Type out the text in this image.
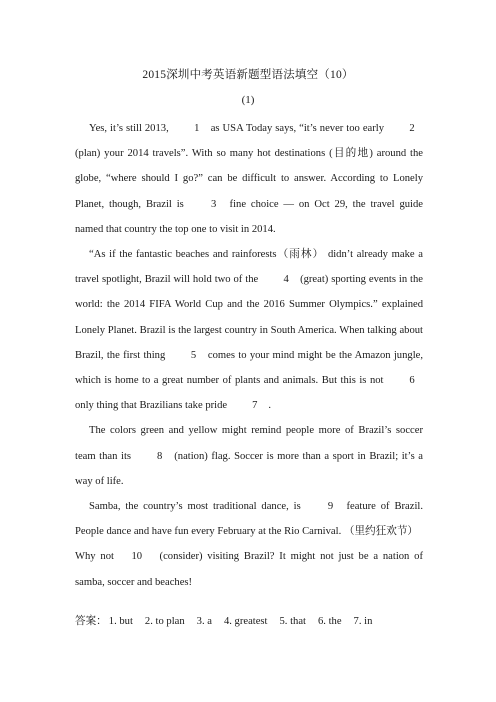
2015深圳中考英语新题型语法填空（10）
(1)

Yes, it’s still 2013, 1 as USA Today says, “it’s never too early 2 (plan) your 2014 travels”. With so many hot destinations (目的地) around the globe, “where should I go?” can be difficult to answer. According to Lonely Planet, though, Brazil is 3 fine choice — on Oct 29, the travel guide named that country the top one to visit in 2014.

“As if the fantastic beaches and rainforests（雨林） didn’t already make a travel spotlight, Brazil will hold two of the 4 (great) sporting events in the world: the 2014 FIFA World Cup and the 2016 Summer Olympics.” explained Lonely Planet. Brazil is the largest country in South America. When talking about Brazil, the first thing 5 comes to your mind might be the Amazon jungle, which is home to a great number of plants and animals. But this is not 6 only thing that Brazilians take pride 7 .

The colors green and yellow might remind people more of Brazil’s soccer team than its 8 (nation) flag. Soccer is more than a sport in Brazil; it’s a way of life.

Samba, the country’s most traditional dance, is 9 feature of Brazil. People dance and have fun every February at the Rio Carnival. （里约狂欢节）

Why not 10 (consider) visiting Brazil? It might not just be a nation of samba, soccer and beaches!

答案： 1. but 2. to plan 3. a 4. greatest 5. that 6. the 7. in
